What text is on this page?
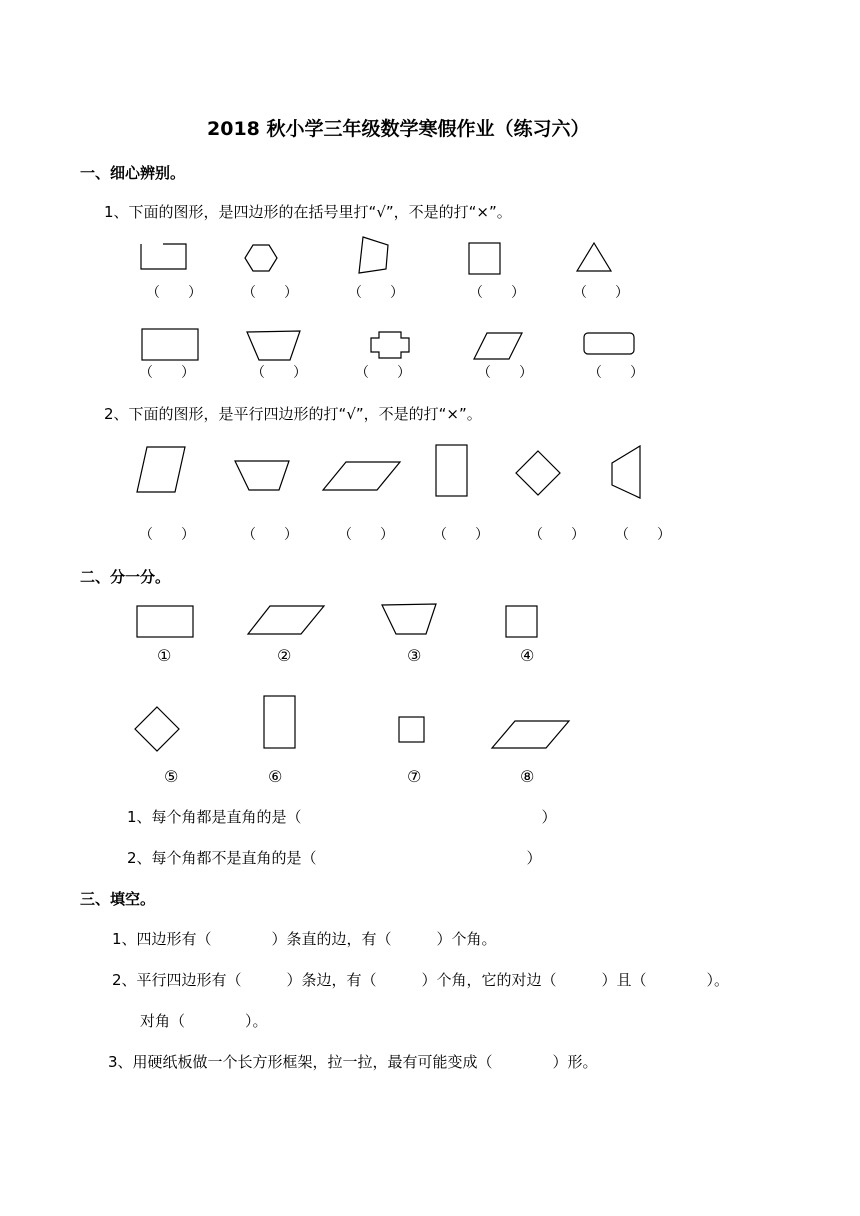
2018 秋小学三年级数学寒假作业（练习六）
一、细心辨别。
1、下面的图形，是四边形的在括号里打“√”，不是的打“×”。
（　　）	（　　）	（　　）	（　　）	（　　）
（　　）	（　　）	（　　）	（　　）	（　　）
2、下面的图形，是平行四边形的打“√”，不是的打“×”。
（　　）	（　　）	（　　）	（　　）	（　　） （　　）
二、分一分。
①	②	③	④
⑤	⑥	⑦	⑧
1、每个角都是直角的是（　　　　　　　　　　　　　　　　）
2、每个角都不是直角的是（　　　　　　　　　　　　　　）
三、填空。
1、四边形有（　　　　）条直的边，有（　　　）个角。
2、平行四边形有（　　　）条边，有（　　　）个角，它的对边（　　　）且（　　　　）。
对角（　　　　）。
3、用硬纸板做一个长方形框架，拉一拉，最有可能变成（　　　　）形。
